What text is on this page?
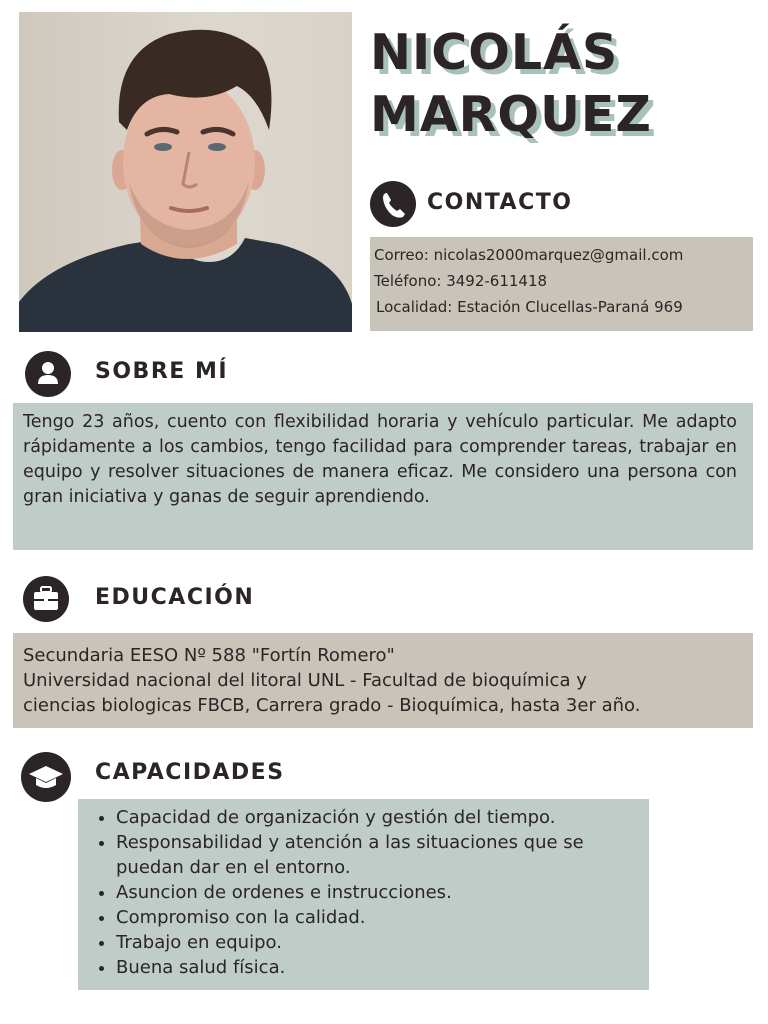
NICOLÁS
MARQUEZ
CONTACTO
Correo: nicolas2000marquez@gmail.com
Teléfono: 3492-611418
Localidad: Estación Clucellas-Paraná 969
SOBRE MÍ
Tengo 23 años, cuento con flexibilidad horaria y vehículo particular. Me adapto rápidamente a los cambios, tengo facilidad para comprender tareas, trabajar en equipo y resolver situaciones de manera eficaz. Me considero una persona con gran iniciativa y ganas de seguir aprendiendo.
EDUCACIÓN
Secundaria EESO Nº 588 "Fortín Romero"
Universidad nacional del litoral UNL - Facultad de bioquímica y
ciencias biologicas FBCB, Carrera grado - Bioquímica, hasta 3er año.
CAPACIDADES
• Capacidad de organización y gestión del tiempo.
• Responsabilidad y atención a las situaciones que se puedan dar en el entorno.
• Asuncion de ordenes e instrucciones.
• Compromiso con la calidad.
• Trabajo en equipo.
• Buena salud física.
